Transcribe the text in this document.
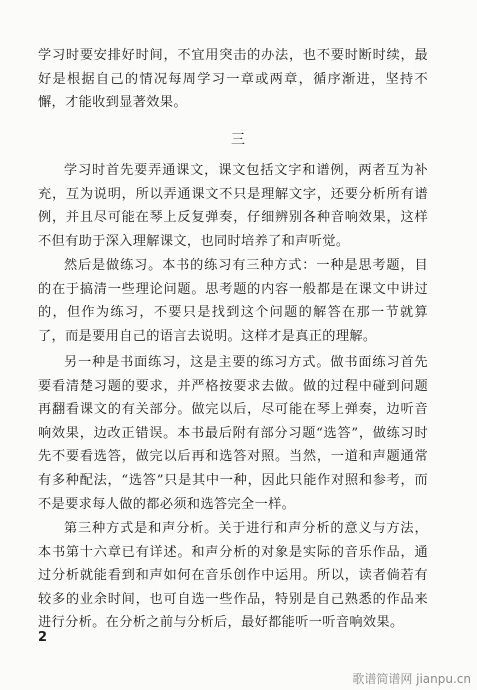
学习时要安排好时间，不宜用突击的办法，也不要时断时续，最好是根据自己的情况每周学习一章或两章，循序渐进，坚持不懈，才能收到显著效果。

三

学习时首先要弄通课文，课文包括文字和谱例，两者互为补充，互为说明，所以弄通课文不只是理解文字，还要分析所有谱例，并且尽可能在琴上反复弹奏，仔细辨别各种音响效果，这样不但有助于深入理解课文，也同时培养了和声听觉。

然后是做练习。本书的练习有三种方式：一种是思考题，目的在于搞清一些理论问题。思考题的内容一般都是在课文中讲过的，但作为练习，不要只是找到这个问题的解答在那一节就算了，而是要用自己的语言去说明。这样才是真正的理解。

另一种是书面练习，这是主要的练习方式。做书面练习首先要看清楚习题的要求，并严格按要求去做。做的过程中碰到问题再翻看课文的有关部分。做完以后，尽可能在琴上弹奏，边听音响效果，边改正错误。本书最后附有部分习题“选答”，做练习时先不要看选答，做完以后再和选答对照。当然，一道和声题通常有多种配法，“选答”只是其中一种，因此只能作对照和参考，而不是要求每人做的都必须和选答完全一样。

第三种方式是和声分析。关于进行和声分析的意义与方法，本书第十六章已有详述。和声分析的对象是实际的音乐作品，通过分析就能看到和声如何在音乐创作中运用。所以，读者倘若有较多的业余时间，也可自选一些作品，特别是自己熟悉的作品来进行分析。在分析之前与分析后，最好都能听一听音响效果。

2
歌谱简谱网 jianpu.cn
